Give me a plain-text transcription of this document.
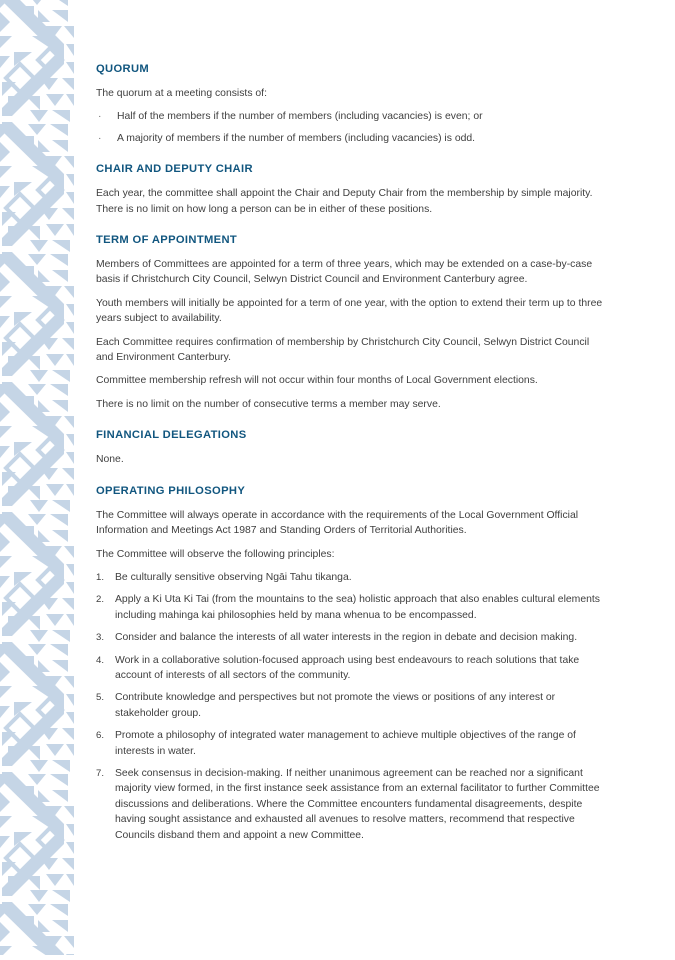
QUORUM

The quorum at a meeting consists of:

· Half of the members if the number of members (including vacancies) is even; or
· A majority of members if the number of members (including vacancies) is odd.
CHAIR AND DEPUTY CHAIR

Each year, the committee shall appoint the Chair and Deputy Chair from the membership by simple majority. There is no limit on how long a person can be in either of these positions.

TERM OF APPOINTMENT

Members of Committees are appointed for a term of three years, which may be extended on a case-by-case basis if Christchurch City Council, Selwyn District Council and Environment Canterbury agree.

Youth members will initially be appointed for a term of one year, with the option to extend their term up to three years subject to availability.

Each Committee requires confirmation of membership by Christchurch City Council, Selwyn District Council and Environment Canterbury.

Committee membership refresh will not occur within four months of Local Government elections.

There is no limit on the number of consecutive terms a member may serve.

FINANCIAL DELEGATIONS

None.

OPERATING PHILOSOPHY

The Committee will always operate in accordance with the requirements of the Local Government Official Information and Meetings Act 1987 and Standing Orders of Territorial Authorities.

The Committee will observe the following principles:

1. Be culturally sensitive observing Ngāi Tahu tikanga.
2. Apply a Ki Uta Ki Tai (from the mountains to the sea) holistic approach that also enables cultural elements including mahinga kai philosophies held by mana whenua to be encompassed.
3. Consider and balance the interests of all water interests in the region in debate and decision making.
4. Work in a collaborative solution-focused approach using best endeavours to reach solutions that take account of interests of all sectors of the community.
5. Contribute knowledge and perspectives but not promote the views or positions of any interest or stakeholder group.
6. Promote a philosophy of integrated water management to achieve multiple objectives of the range of interests in water.
7. Seek consensus in decision-making. If neither unanimous agreement can be reached nor a significant majority view formed, in the first instance seek assistance from an external facilitator to further Committee discussions and deliberations. Where the Committee encounters fundamental disagreements, despite having sought assistance and exhausted all avenues to resolve matters, recommend that respective Councils disband them and appoint a new Committee.
